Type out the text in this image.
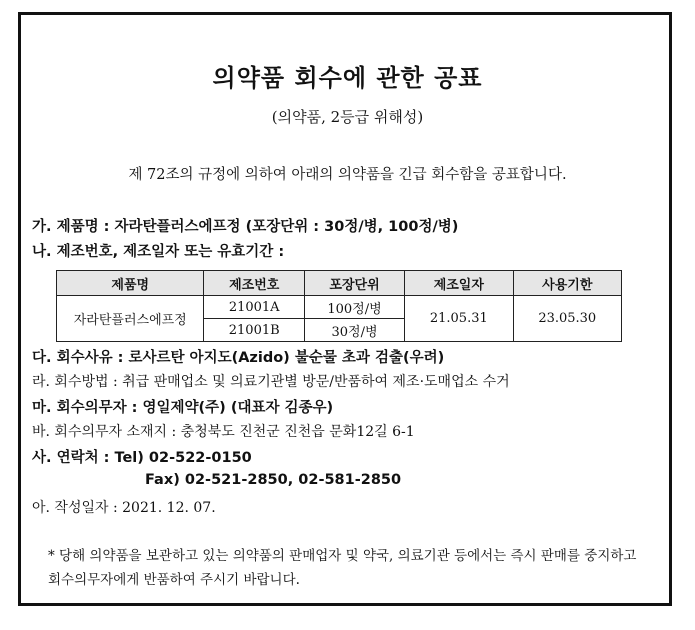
의약품 회수에 관한 공표
(의약품, 2등급 위해성)
제 72조의 규정에 의하여 아래의 의약품을 긴급 회수함을 공표합니다.
가. 제품명 : 자라탄플러스에프정 (포장단위 : 30정/병, 100정/병)
나. 제조번호, 제조일자 또는 유효기간 :
제품명	제조번호	포장단위	제조일자	사용기한
자라탄플러스에프정	21001A	100정/병	21.05.31	23.05.30
	21001B	30정/병		
다. 회수사유 : 로사르탄 아지도(Azido) 불순물 초과 검출(우려)
라. 회수방법 : 취급 판매업소 및 의료기관별 방문/반품하여 제조·도매업소 수거
마. 회수의무자 : 영일제약(주) (대표자 김종우)
바. 회수의무자 소재지 : 충청북도 진천군 진천읍 문화12길 6-1
사. 연락처 : Tel) 02-522-0150
Fax) 02-521-2850, 02-581-2850
아. 작성일자 : 2021. 12. 07.
* 당해 의약품을 보관하고 있는 의약품의 판매업자 및 약국, 의료기관 등에서는 즉시 판매를 중지하고 회수의무자에게 반품하여 주시기 바랍니다.
